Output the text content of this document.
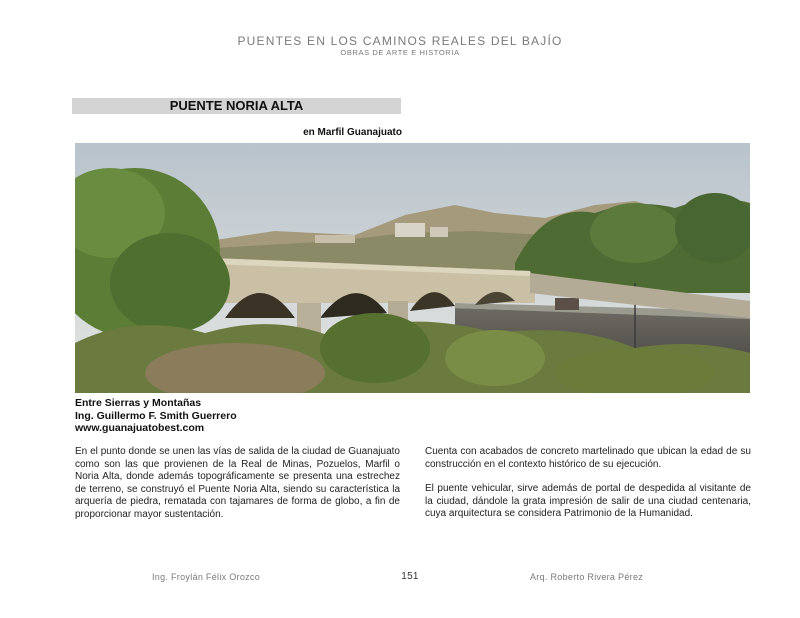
PUENTES EN LOS CAMINOS REALES DEL BAJÍO
OBRAS DE ARTE E HISTORIA
PUENTE NORIA ALTA
en Marfil Guanajuato
Entre Sierras y Montañas
Ing. Guillermo F. Smith Guerrero
www.guanajuatobest.com

En el punto donde se unen las vías de salida de la ciudad de Guanajuato como son las que provienen de la Real de Minas, Pozuelos, Marfil o Noria Alta, donde además topográficamente se presenta una estrechez de terreno, se construyó el Puente Noria Alta, siendo su característica la arquería de piedra, rematada con tajamares de forma de globo, a fin de proporcionar mayor sustentación.

Cuenta con acabados de concreto martelinado que ubican la edad de su construcción en el contexto histórico de su ejecución.

El puente vehicular, sirve además de portal de despedida al visitante de la ciudad, dándole la grata impresión de salir de una ciudad centenaria, cuya arquitectura se considera Patrimonio de la Humanidad.

Ing. Froylán Félix Orozco	151	Arq. Roberto Rivera Pérez
